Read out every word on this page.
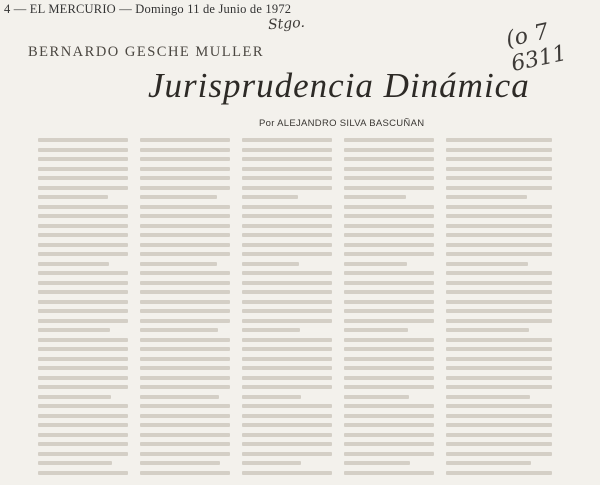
4 — EL MERCURIO — Domingo 11 de Junio de 1972
Stgo.	(o 7 6311
BERNARDO GESCHE MULLER
Jurisprudencia Dinámica
Por ALEJANDRO SILVA BASCUÑAN
